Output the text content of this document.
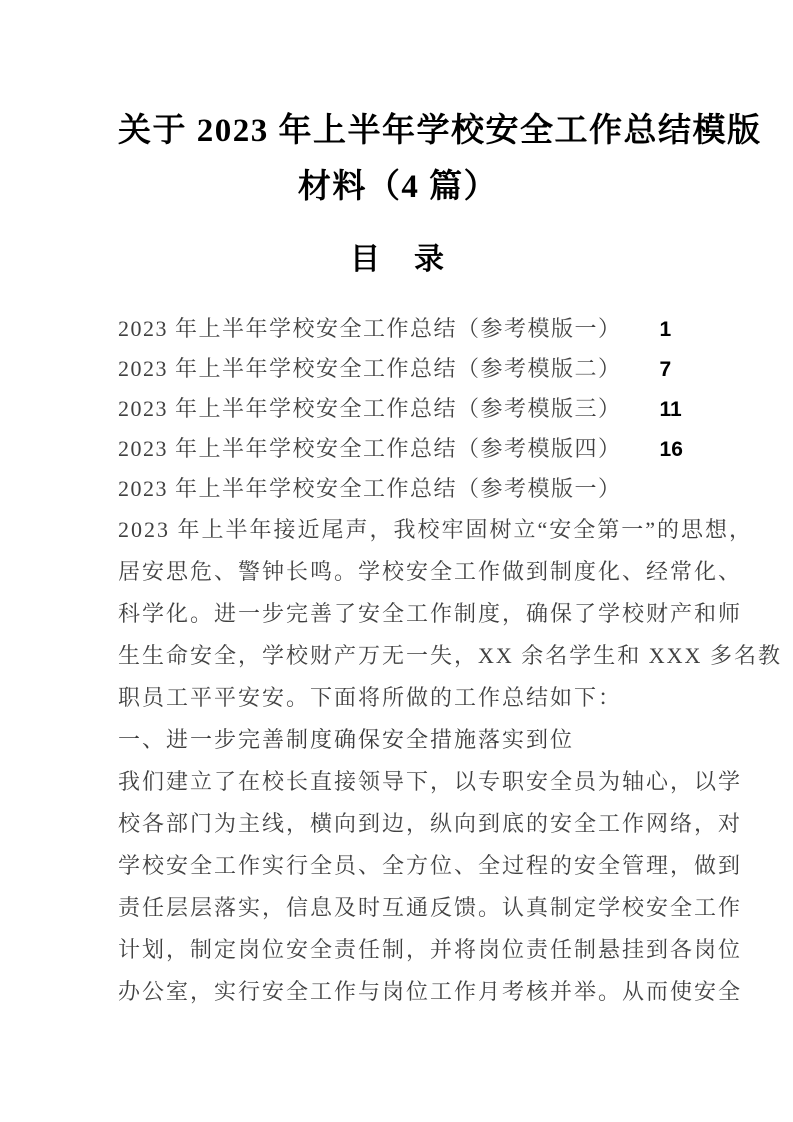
关于 2023 年上半年学校安全工作总结模版
材料（4 篇）
目　录
2023 年上半年学校安全工作总结（参考模版一） 1
2023 年上半年学校安全工作总结（参考模版二） 7
2023 年上半年学校安全工作总结（参考模版三） 11
2023 年上半年学校安全工作总结（参考模版四） 16
2023 年上半年学校安全工作总结（参考模版一）

2023 年上半年接近尾声，我校牢固树立“安全第一”的思想，
居安思危、警钟长鸣。学校安全工作做到制度化、经常化、
科学化。进一步完善了安全工作制度，确保了学校财产和师
生生命安全，学校财产万无一失，XX 余名学生和 XXX 多名教
职员工平平安安。下面将所做的工作总结如下：

一、进一步完善制度确保安全措施落实到位

我们建立了在校长直接领导下，以专职安全员为轴心，以学
校各部门为主线，横向到边，纵向到底的安全工作网络，对
学校安全工作实行全员、全方位、全过程的安全管理，做到
责任层层落实，信息及时互通反馈。认真制定学校安全工作
计划，制定岗位安全责任制，并将岗位责任制悬挂到各岗位
办公室，实行安全工作与岗位工作月考核并举。从而使安全
